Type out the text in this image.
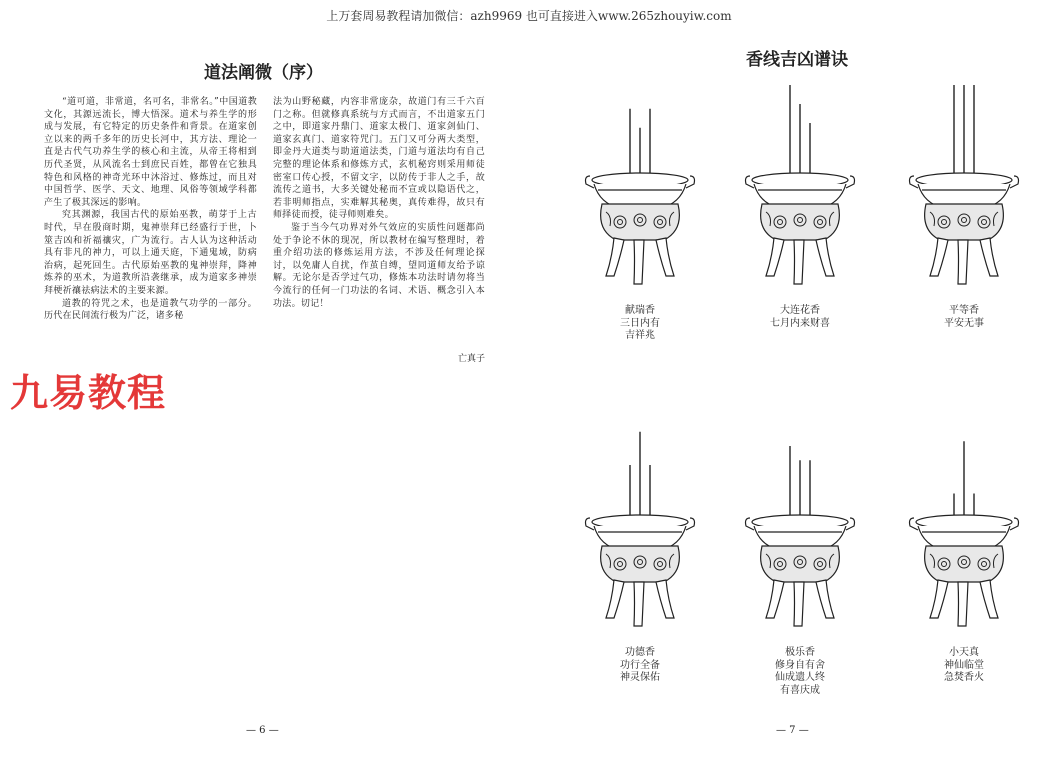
上万套周易教程请加微信：azh9969 也可直接进入www.265zhouyiw.com
道法阐微（序）

“道可道，非常道，名可名，非常名。”中国道教文化，其源远流长，博大悟深。道术与养生学的形成与发展，有它特定的历史条件和背景。在道家创立以来的两千多年的历史长河中，其方法、理论一直是古代气功养生学的核心和主流，从帝王将相到历代圣贤，从风流名士到庶民百姓，都曾在它独具特色和风格的神奇光环中沐浴过、修炼过，而且对中国哲学、医学、天文、地理、风俗等领域学科都产生了极其深远的影响。

究其渊源，我国古代的原始巫教，萌芽于上古时代，早在殷商时期，鬼神崇拜已经盛行于世，卜筮吉凶和祈福禳灾，广为流行。古人认为这种活动具有非凡的神力，可以上通天庭，下通鬼域，防病治病，起死回生。古代原始巫教的鬼神崇拜，降神炼养的巫术，为道教所沿袭继承，成为道家多神崇拜梗祈禳祛病法术的主要来源。

道教的符咒之术，也是道教气功学的一部分。历代在民间流行极为广泛，诸多秘

法为山野秘藏，内容非常庞杂，故道门有三千六百门之称。但就修真系统与方式而言，不出道家五门之中，即道家丹鼎门、道家太极门、道家剑仙门、道家玄真门、道家符咒门。五门又可分两大类型，即金丹大道类与助道道法类，门道与道法均有自己完整的理论体系和修炼方式，玄机秘窍则采用师徒密室口传心授，不留文字，以防传于非人之手，故流传之道书，大多关键处秘而不宣或以隐语代之，若非明师指点，实难解其秘奥，真传难得，故只有师择徒而授，徒寻师则难矣。

鉴于当今气功界对外气效应的实质性问题都尚处于争论不休的现况，所以教材在编写整理时，着重介绍功法的修炼运用方法，不涉及任何理论探讨，以免庸人自扰，作茧自缚，望同道师友给予谅解。无论尔是否学过气功，修炼本功法时请勿将当今流行的任何一门功法的名词、术语、概念引入本功法。切记！

亡真子
九易教程
— 6 —
香线吉凶谱诀
献瑞香
三日内有
吉祥兆
大连花香
七月内来财喜
平等香
平安无事
功德香
功行全备
神灵保佑
极乐香
修身自有舍
仙成遗人终
有喜庆成
小天真
神仙临堂
急焚香火
— 7 —
